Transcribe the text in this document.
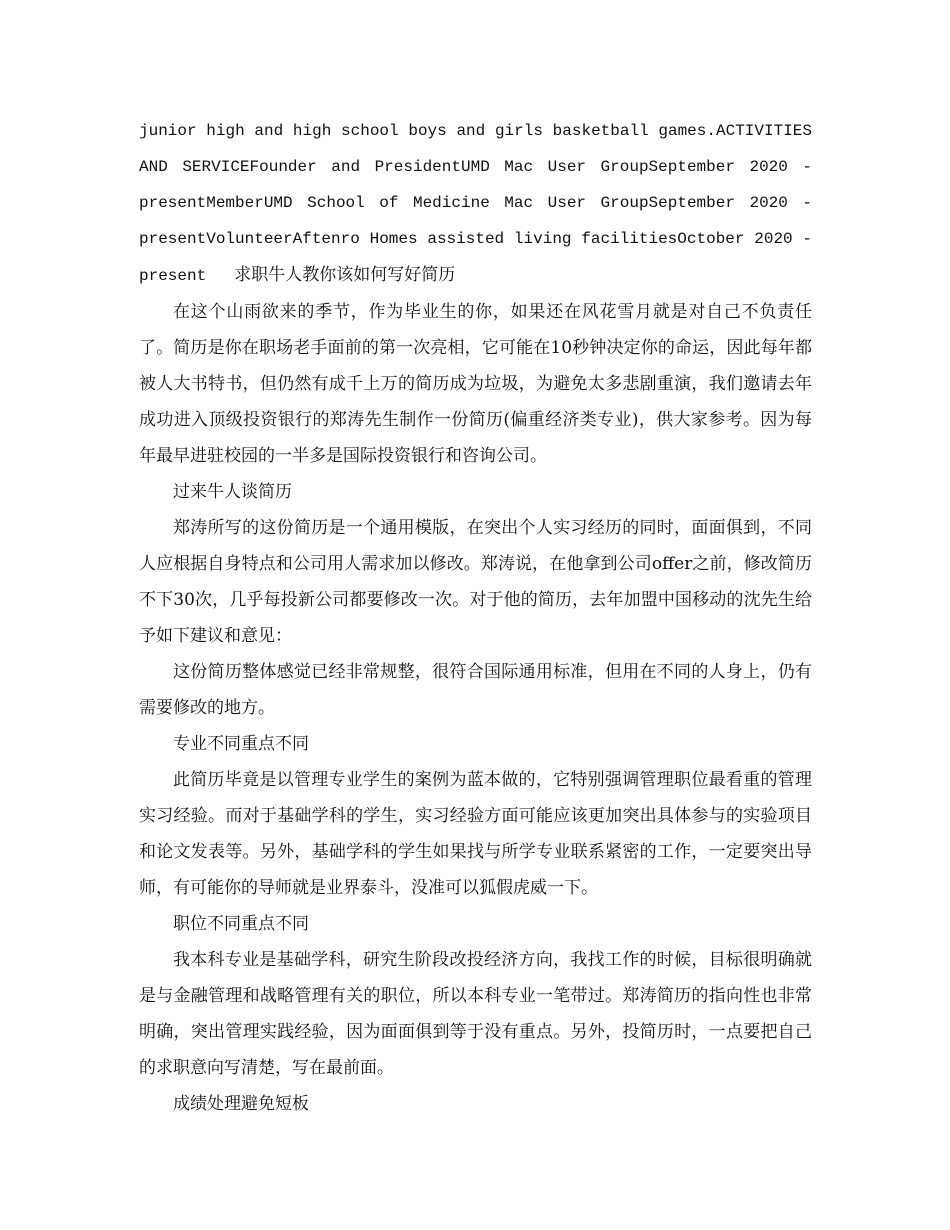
junior high and high school boys and girls basketball games.ACTIVITIES AND SERVICEFounder and PresidentUMD Mac User GroupSeptember 2020 - presentMemberUMD School of Medicine Mac User GroupSeptember 2020 - presentVolunteerAftenro Homes assisted living facilitiesOctober 2020 - present 求职牛人教你该如何写好简历

在这个山雨欲来的季节，作为毕业生的你，如果还在风花雪月就是对自己不负责任了。简历是你在职场老手面前的第一次亮相，它可能在10秒钟决定你的命运，因此每年都被人大书特书，但仍然有成千上万的简历成为垃圾，为避免太多悲剧重演，我们邀请去年成功进入顶级投资银行的郑涛先生制作一份简历(偏重经济类专业)，供大家参考。因为每年最早进驻校园的一半多是国际投资银行和咨询公司。

过来牛人谈简历

郑涛所写的这份简历是一个通用模版，在突出个人实习经历的同时，面面俱到，不同人应根据自身特点和公司用人需求加以修改。郑涛说，在他拿到公司offer之前，修改简历不下30次，几乎每投新公司都要修改一次。对于他的简历，去年加盟中国移动的沈先生给予如下建议和意见：

这份简历整体感觉已经非常规整，很符合国际通用标准，但用在不同的人身上，仍有需要修改的地方。

专业不同重点不同

此简历毕竟是以管理专业学生的案例为蓝本做的，它特别强调管理职位最看重的管理实习经验。而对于基础学科的学生，实习经验方面可能应该更加突出具体参与的实验项目和论文发表等。另外，基础学科的学生如果找与所学专业联系紧密的工作，一定要突出导师，有可能你的导师就是业界泰斗，没准可以狐假虎威一下。

职位不同重点不同

我本科专业是基础学科，研究生阶段改投经济方向，我找工作的时候，目标很明确就是与金融管理和战略管理有关的职位，所以本科专业一笔带过。郑涛简历的指向性也非常明确，突出管理实践经验，因为面面俱到等于没有重点。另外，投简历时，一点要把自己的求职意向写清楚，写在最前面。

成绩处理避免短板
